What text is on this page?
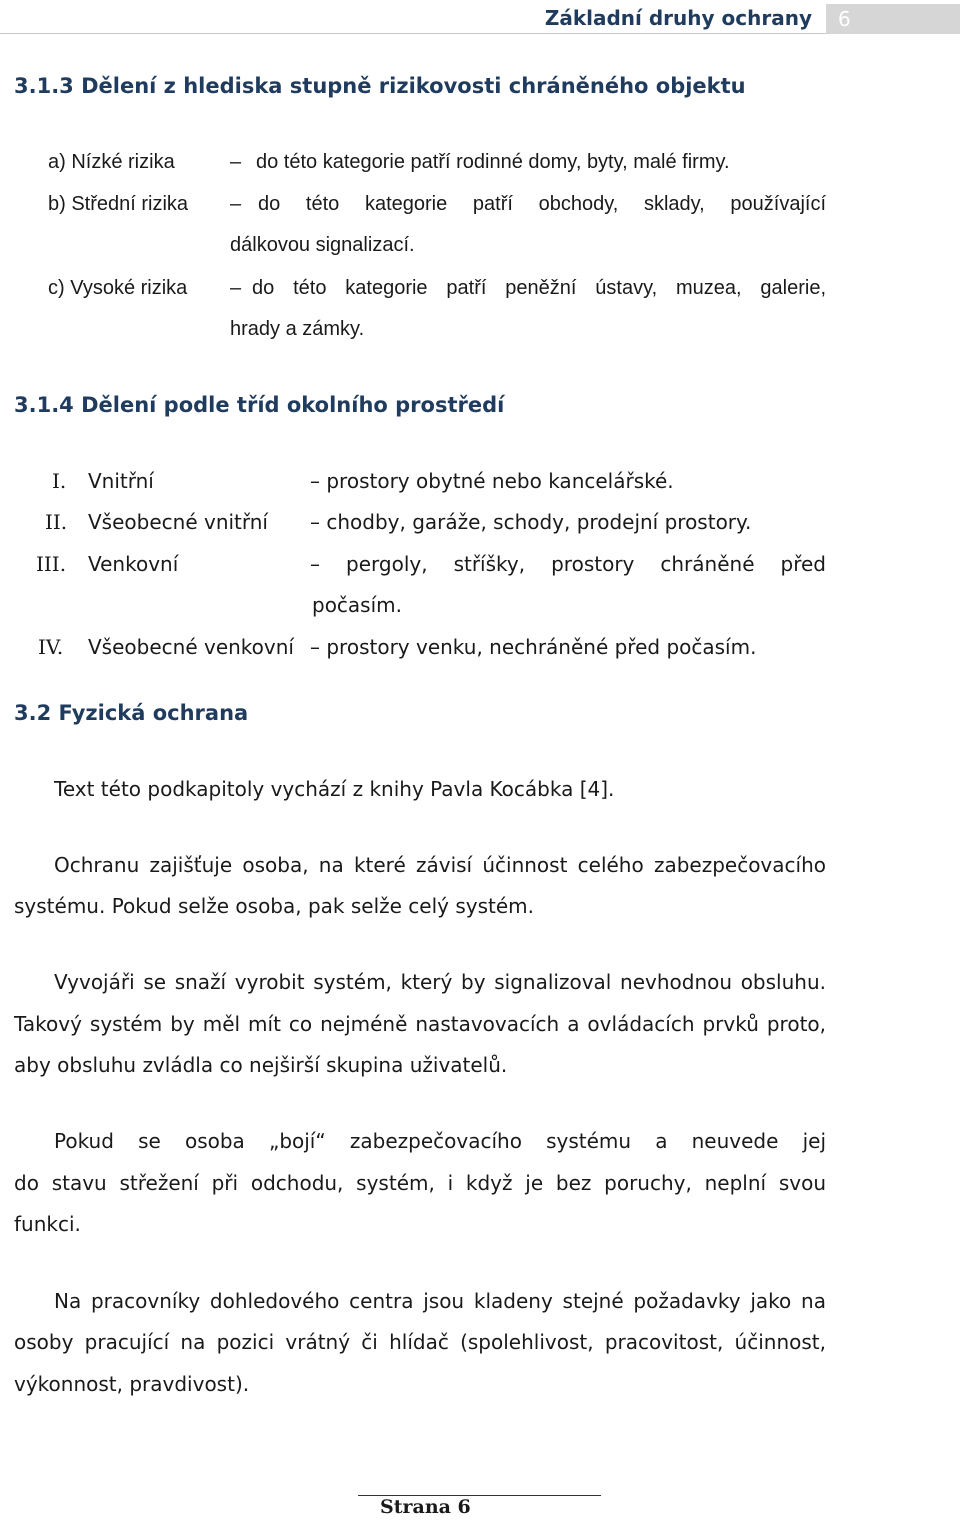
Základní druhy ochrany	6
3.1.3 Dělení z hlediska stupně rizikovosti chráněného objektu
a) Nízké rizika	– do této kategorie patří rodinné domy, byty, malé firmy.
b) Střední rizika – do této kategorie patří obchody, sklady, používající
dálkovou signalizací.
c) Vysoké rizika – do této kategorie patří peněžní ústavy, muzea, galerie,
hrady a zámky.
3.1.4 Dělení podle tříd okolního prostředí
I. Vnitřní	– prostory obytné nebo kancelářské.
II. Všeobecné vnitřní – chodby, garáže, schody, prodejní prostory.
III. Venkovní	– pergoly, stříšky, prostory chráněné před
počasím.
IV. Všeobecné venkovní – prostory venku, nechráněné před počasím.
3.2 Fyzická ochrana
Text této podkapitoly vychází z knihy Pavla Kocábka [4].
Ochranu zajišťuje osoba, na které závisí účinnost celého zabezpečovacího
systému. Pokud selže osoba, pak selže celý systém.
Vyvojáři se snaží vyrobit systém, který by signalizoval nevhodnou obsluhu.
Takový systém by měl mít co nejméně nastavovacích a ovládacích prvků proto,
aby obsluhu zvládla co nejširší skupina uživatelů.
Pokud se osoba „bojí“ zabezpečovacího systému a neuvede jej
do stavu střežení při odchodu, systém, i když je bez poruchy, neplní svou
funkci.
Na pracovníky dohledového centra jsou kladeny stejné požadavky jako na
osoby pracující na pozici vrátný či hlídač (spolehlivost, pracovitost, účinnost,
výkonnost, pravdivost).
Strana 6
